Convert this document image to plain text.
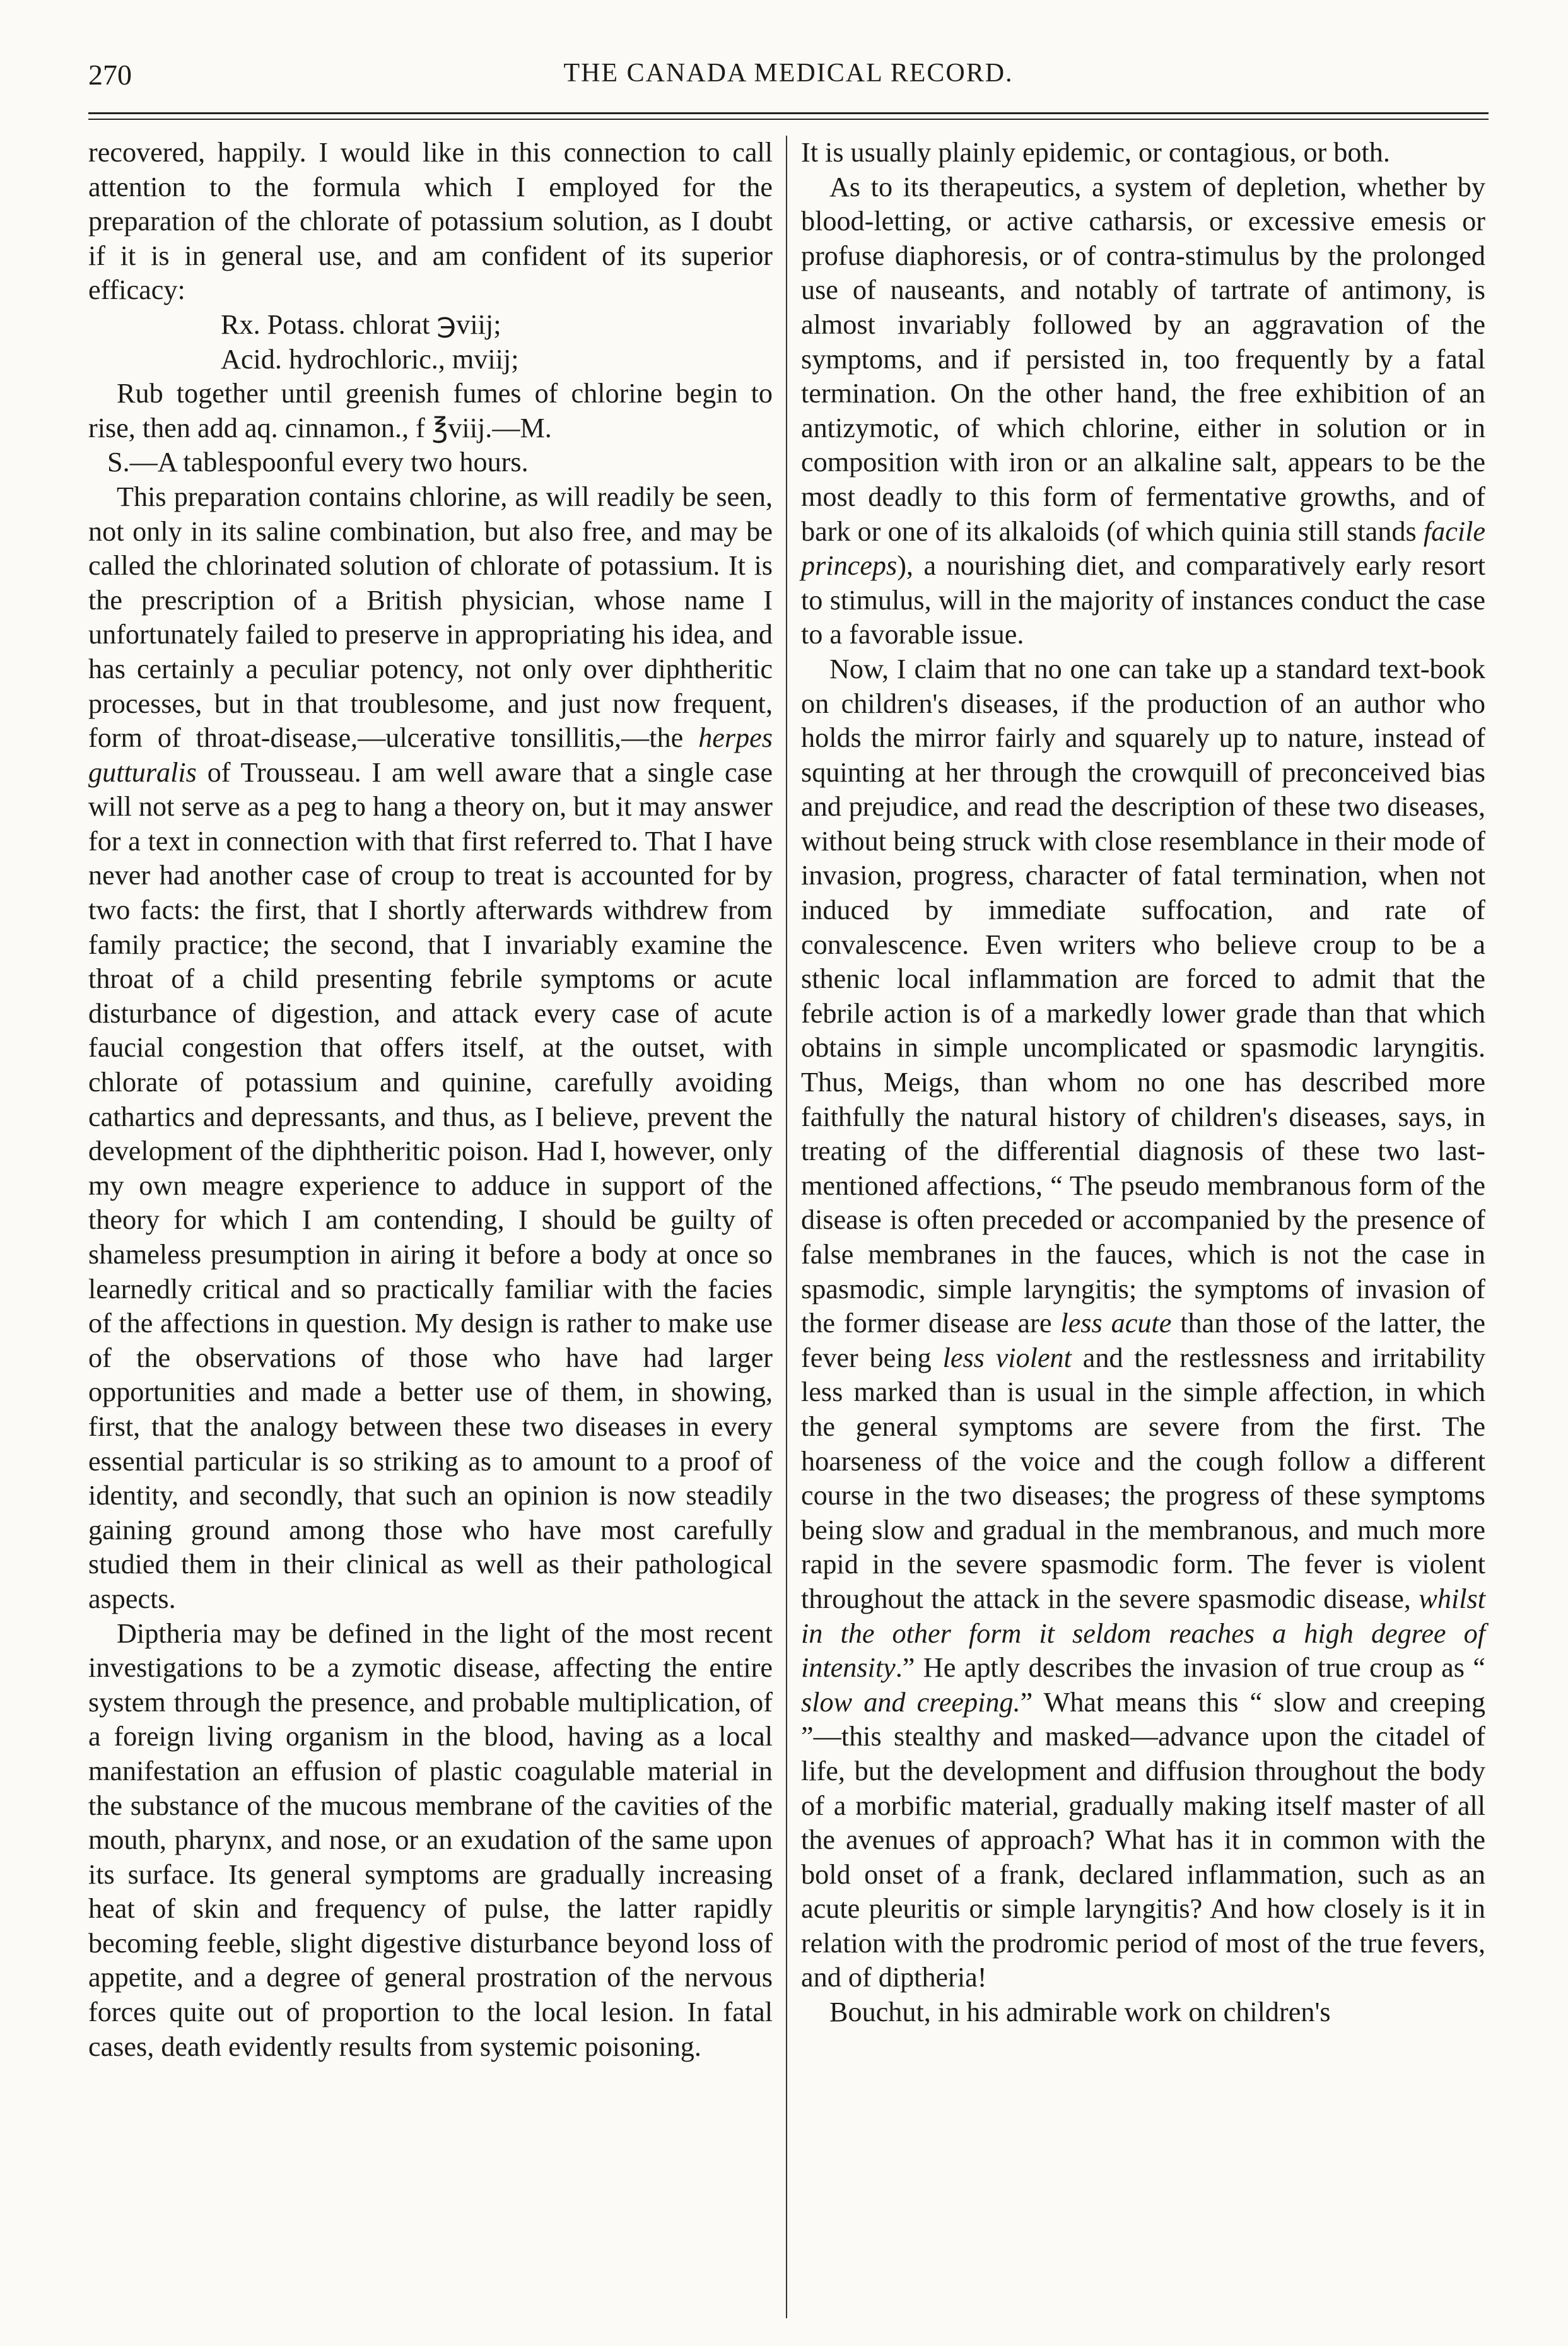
270	THE CANADA MEDICAL RECORD.

recovered, happily. I would like in this connection to call attention to the formula which I employed for the preparation of the chlorate of potassium solution, as I doubt if it is in general use, and am confident of its superior efficacy:

Rx. Potass. chlorat ℈viij;

Acid. hydrochloric., mviij;

Rub together until greenish fumes of chlorine begin to rise, then add aq. cinnamon., f ℥viij.—M.

S.—A tablespoonful every two hours.

This preparation contains chlorine, as will readily be seen, not only in its saline combination, but also free, and may be called the chlorinated solution of chlorate of potassium. It is the prescription of a British physician, whose name I unfortunately failed to preserve in appropriating his idea, and has certainly a peculiar potency, not only over diphtheritic processes, but in that troublesome, and just now frequent, form of throat-disease,—ulcerative tonsillitis,—the herpes gutturalis of Trousseau. I am well aware that a single case will not serve as a peg to hang a theory on, but it may answer for a text in connection with that first referred to. That I have never had another case of croup to treat is accounted for by two facts: the first, that I shortly afterwards withdrew from family practice; the second, that I invariably examine the throat of a child presenting febrile symptoms or acute disturbance of digestion, and attack every case of acute faucial congestion that offers itself, at the outset, with chlorate of potassium and quinine, carefully avoiding cathartics and depressants, and thus, as I believe, prevent the development of the diphtheritic poison. Had I, however, only my own meagre experience to adduce in support of the theory for which I am contending, I should be guilty of shameless presumption in airing it before a body at once so learnedly critical and so practically familiar with the facies of the affections in question. My design is rather to make use of the observations of those who have had larger opportunities and made a better use of them, in showing, first, that the analogy between these two diseases in every essential particular is so striking as to amount to a proof of identity, and secondly, that such an opinion is now steadily gaining ground among those who have most carefully studied them in their clinical as well as their pathological aspects.

Diptheria may be defined in the light of the most recent investigations to be a zymotic disease, affecting the entire system through the presence, and probable multiplication, of a foreign living organism in the blood, having as a local manifestation an effusion of plastic coagulable material in the substance of the mucous membrane of the cavities of the mouth, pharynx, and nose, or an exudation of the same upon its surface. Its general symptoms are gradually increasing heat of skin and frequency of pulse, the latter rapidly becoming feeble, slight digestive disturbance beyond loss of appetite, and a degree of general prostration of the nervous forces quite out of proportion to the local lesion. In fatal cases, death evidently results from systemic poisoning.

It is usually plainly epidemic, or contagious, or both.

As to its therapeutics, a system of depletion, whether by blood-letting, or active catharsis, or excessive emesis or profuse diaphoresis, or of contra-stimulus by the prolonged use of nauseants, and notably of tartrate of antimony, is almost invariably followed by an aggravation of the symptoms, and if persisted in, too frequently by a fatal termination. On the other hand, the free exhibition of an antizymotic, of which chlorine, either in solution or in composition with iron or an alkaline salt, appears to be the most deadly to this form of fermentative growths, and of bark or one of its alkaloids (of which quinia still stands facile princeps), a nourishing diet, and comparatively early resort to stimulus, will in the majority of instances conduct the case to a favorable issue.

Now, I claim that no one can take up a standard text-book on children's diseases, if the production of an author who holds the mirror fairly and squarely up to nature, instead of squinting at her through the crowquill of preconceived bias and prejudice, and read the description of these two diseases, without being struck with close resemblance in their mode of invasion, progress, character of fatal termination, when not induced by immediate suffocation, and rate of convalescence. Even writers who believe croup to be a sthenic local inflammation are forced to admit that the febrile action is of a markedly lower grade than that which obtains in simple uncomplicated or spasmodic laryngitis. Thus, Meigs, than whom no one has described more faithfully the natural history of children's diseases, says, in treating of the differential diagnosis of these two last-mentioned affections, “ The pseudo membranous form of the disease is often preceded or accompanied by the presence of false membranes in the fauces, which is not the case in spasmodic, simple laryngitis; the symptoms of invasion of the former disease are less acute than those of the latter, the fever being less violent and the restlessness and irritability less marked than is usual in the simple affection, in which the general symptoms are severe from the first. The hoarseness of the voice and the cough follow a different course in the two diseases; the progress of these symptoms being slow and gradual in the membranous, and much more rapid in the severe spasmodic form. The fever is violent throughout the attack in the severe spasmodic disease, whilst in the other form it seldom reaches a high degree of intensity.” He aptly describes the invasion of true croup as “ slow and creeping.” What means this “ slow and creeping ”—this stealthy and masked—advance upon the citadel of life, but the development and diffusion throughout the body of a morbific material, gradually making itself master of all the avenues of approach? What has it in common with the bold onset of a frank, declared inflammation, such as an acute pleuritis or simple laryngitis? And how closely is it in relation with the prodromic period of most of the true fevers, and of diptheria!

Bouchut, in his admirable work on children's
